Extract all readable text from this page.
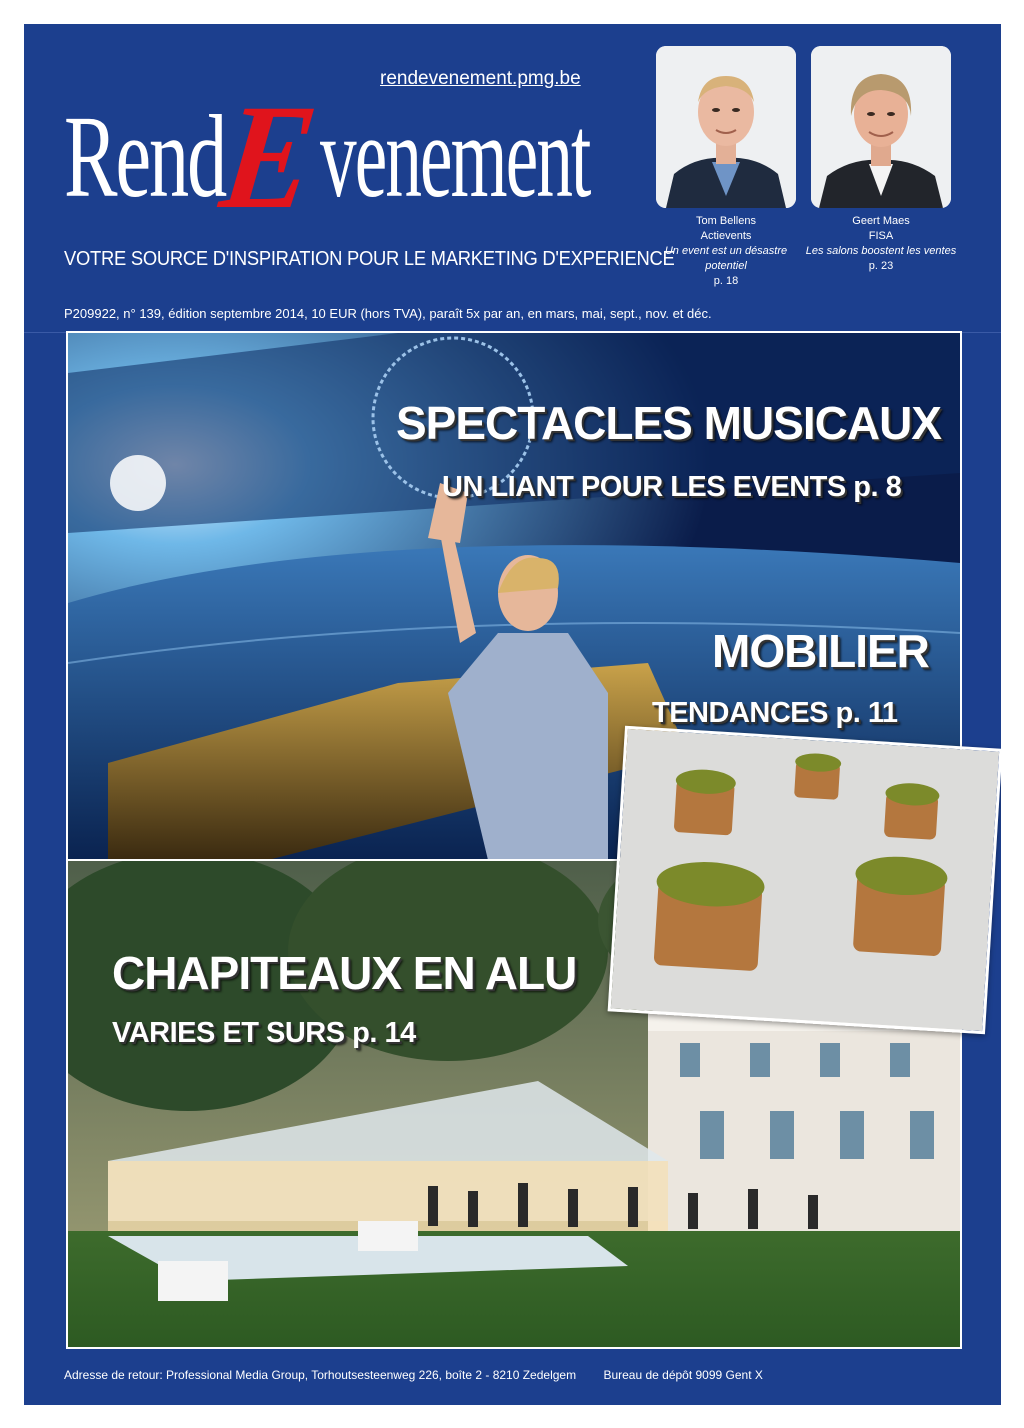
rendevenement.pmg.be
Rend
E
venement
VOTRE SOURCE D'INSPIRATION POUR LE MARKETING D'EXPERIENCE
Tom Bellens
Actievents
Un event est un désastre potentiel
p. 18
Geert Maes
FISA
Les salons boostent les ventes
p. 23
P209922, n° 139, édition septembre 2014, 10 EUR (hors TVA), paraît 5x par an, en mars, mai, sept., nov. et déc.
SPECTACLES MUSICAUX
UN LIANT POUR LES EVENTS p. 8
MOBILIER
TENDANCES p. 11
CHAPITEAUX EN ALU
VARIES ET SURS p. 14
Adresse de retour: Professional Media Group, Torhoutsesteenweg 226, boîte 2 - 8210 Zedelgem Bureau de dépôt 9099 Gent X
